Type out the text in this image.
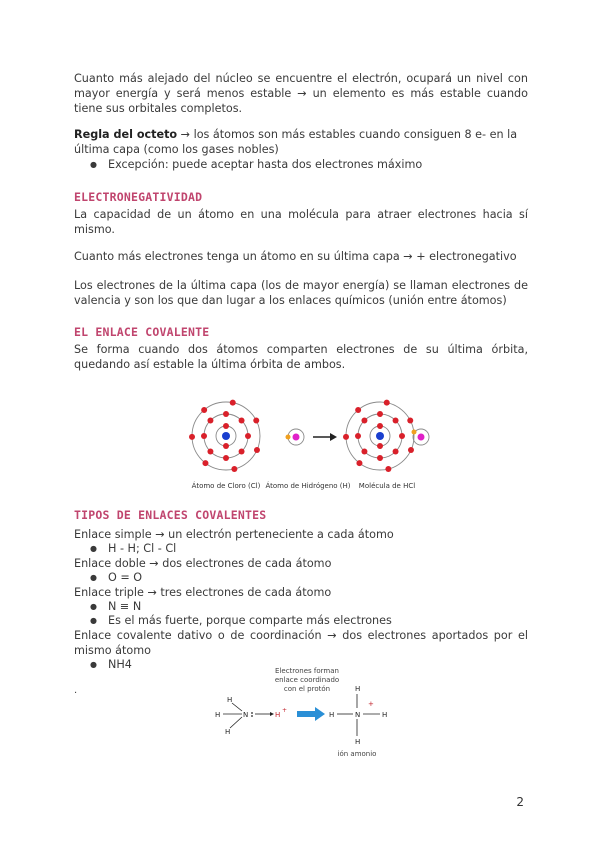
Cuanto más alejado del núcleo se encuentre el electrón, ocupará un nivel con mayor energía y será menos estable → un elemento es más estable cuando tiene sus orbitales completos.

Regla del octeto → los átomos son más estables cuando consiguen 8 e- en la última capa (como los gases nobles)

● Excepción: puede aceptar hasta dos electrones máximo
ELECTRONEGATIVIDAD

La capacidad de un átomo en una molécula para atraer electrones hacia sí mismo.

Cuanto más electrones tenga un átomo en su última capa → + electronegativo

Los electrones de la última capa (los de mayor energía) se llaman electrones de valencia y son los que dan lugar a los enlaces químicos (unión entre átomos)

EL ENLACE COVALENTE

Se forma cuando dos átomos comparten electrones de su última órbita, quedando así estable la última órbita de ambos.

Átomo de Cloro (Cl) Átomo de Hidrógeno (H) Molécula de HCl
TIPOS DE ENLACES COVALENTES

Enlace simple → un electrón perteneciente a cada átomo

● H - H; Cl - Cl

Enlace doble → dos electrones de cada átomo

● O = O

Enlace triple → tres electrones de cada átomo

● N ≡ N
● Es el más fuerte, porque comparte más electrones

Enlace covalente dativo o de coordinación → dos electrones aportados por el mismo átomo

● NH4
.
Electrones forman
enlace coordinado
con el protón
H
H
H
N	H
+
H
H	N	H
H
+
ión amonio
2
